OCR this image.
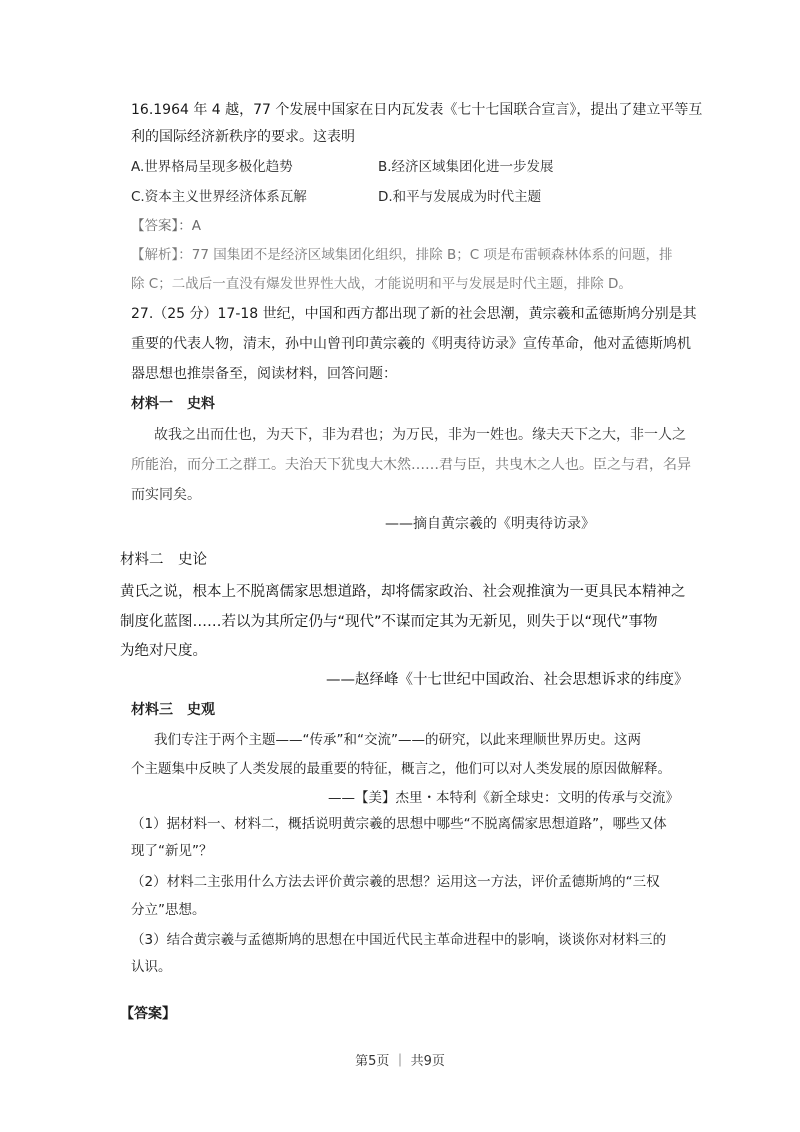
16.1964 年 4 越，77 个发展中国家在日内瓦发表《七十七国联合宣言》，提出了建立平等互
利的国际经济新秩序的要求。这表明
A.世界格局呈现多极化趋势	B.经济区域集团化进一步发展
C.资本主义世界经济体系瓦解	D.和平与发展成为时代主题
【答案】：A
【解析】：77 国集团不是经济区域集团化组织，排除 B；C 项是布雷顿森林体系的问题，排
除 C；二战后一直没有爆发世界性大战，才能说明和平与发展是时代主题，排除 D。
27.（25 分）17-18 世纪，中国和西方都出现了新的社会思潮，黄宗羲和孟德斯鸠分别是其
重要的代表人物，清末，孙中山曾刊印黄宗羲的《明夷待访录》宣传革命，他对孟德斯鸠机
器思想也推崇备至，阅读材料，回答问题：
材料一　史料
故我之出而仕也，为天下，非为君也；为万民，非为一姓也。缘夫天下之大，非一人之
所能治，而分工之群工。夫治天下犹曳大木然……君与臣，共曳木之人也。臣之与君，名异
而实同矣。
——摘自黄宗羲的《明夷待访录》
材料二　史论
黄氏之说，根本上不脱离儒家思想道路，却将儒家政治、社会观推演为一更具民本精神之
制度化蓝图……若以为其所定仍与“现代”不谋而定其为无新见，则失于以“现代”事物
为绝对尺度。
——赵绎峰《十七世纪中国政治、社会思想诉求的纬度》
材料三　史观
我们专注于两个主题——“传承”和“交流”——的研究，以此来理顺世界历史。这两
个主题集中反映了人类发展的最重要的特征，概言之，他们可以对人类发展的原因做解释。
——【美】杰里・本特利《新全球史：文明的传承与交流》
（1）据材料一、材料二，概括说明黄宗羲的思想中哪些“不脱离儒家思想道路”，哪些又体
现了“新见”？
（2）材料二主张用什么方法去评价黄宗羲的思想？运用这一方法，评价孟德斯鸠的“三权
分立”思想。
（3）结合黄宗羲与孟德斯鸠的思想在中国近代民主革命进程中的影响，谈谈你对材料三的
认识。
【答案】
第5页 ｜ 共9页
